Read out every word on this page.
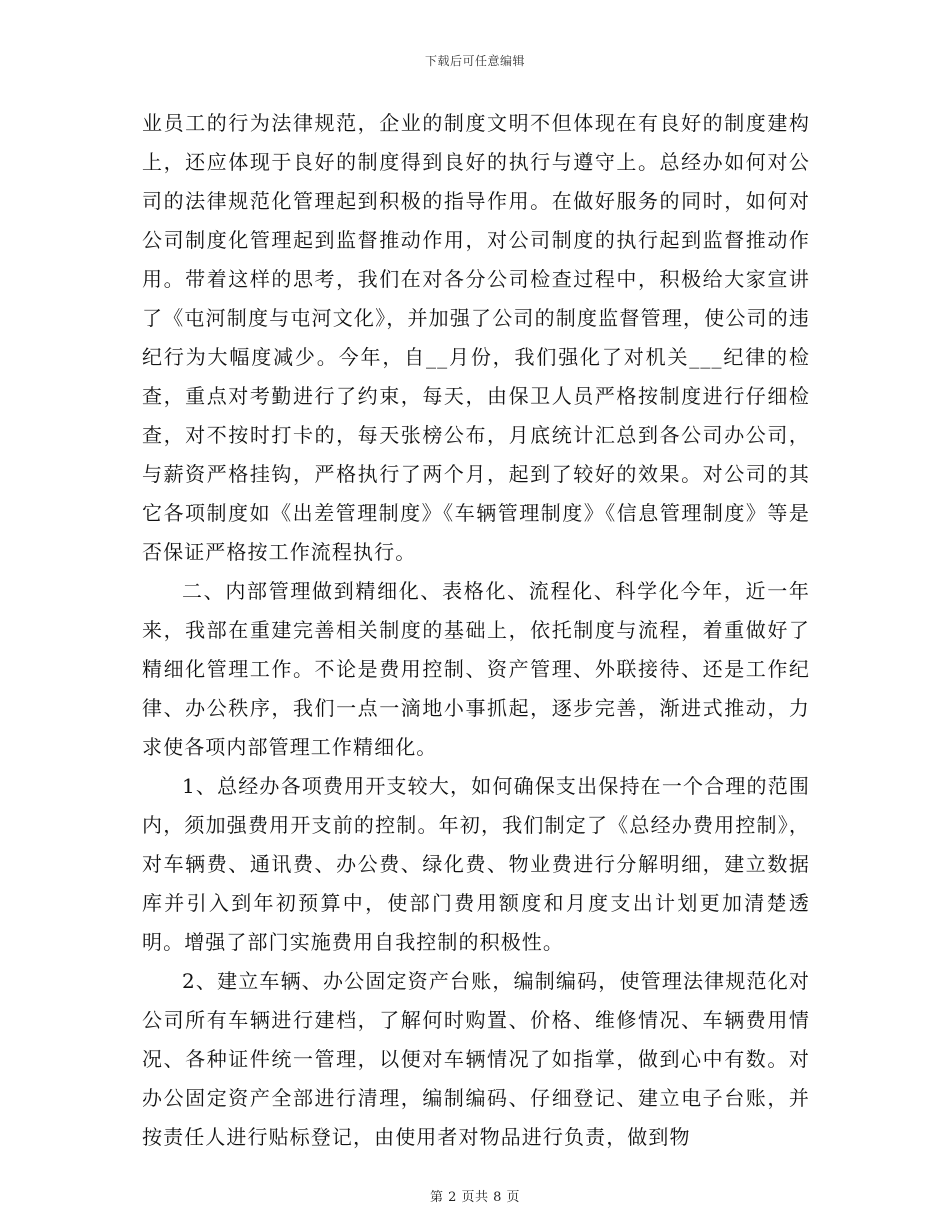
下载后可任意编辑

业员工的行为法律规范，企业的制度文明不但体现在有良好的制度建构上，还应体现于良好的制度得到良好的执行与遵守上。总经办如何对公司的法律规范化管理起到积极的指导作用。在做好服务的同时，如何对公司制度化管理起到监督推动作用，对公司制度的执行起到监督推动作用。带着这样的思考，我们在对各分公司检查过程中，积极给大家宣讲了《屯河制度与屯河文化》，并加强了公司的制度监督管理，使公司的违纪行为大幅度减少。今年，自__月份，我们强化了对机关___纪律的检查，重点对考勤进行了约束，每天，由保卫人员严格按制度进行仔细检查，对不按时打卡的，每天张榜公布，月底统计汇总到各公司办公司，与薪资严格挂钩，严格执行了两个月，起到了较好的效果。对公司的其它各项制度如《出差管理制度》《车辆管理制度》《信息管理制度》等是否保证严格按工作流程执行。

二、内部管理做到精细化、表格化、流程化、科学化今年，近一年来，我部在重建完善相关制度的基础上，依托制度与流程，着重做好了精细化管理工作。不论是费用控制、资产管理、外联接待、还是工作纪律、办公秩序，我们一点一滴地小事抓起，逐步完善，渐进式推动，力求使各项内部管理工作精细化。

1、总经办各项费用开支较大，如何确保支出保持在一个合理的范围内，须加强费用开支前的控制。年初，我们制定了《总经办费用控制》，对车辆费、通讯费、办公费、绿化费、物业费进行分解明细，建立数据库并引入到年初预算中，使部门费用额度和月度支出计划更加清楚透明。增强了部门实施费用自我控制的积极性。

2、建立车辆、办公固定资产台账，编制编码，使管理法律规范化对公司所有车辆进行建档，了解何时购置、价格、维修情况、车辆费用情况、各种证件统一管理，以便对车辆情况了如指掌，做到心中有数。对办公固定资产全部进行清理，编制编码、仔细登记、建立电子台账，并按责任人进行贴标登记，由使用者对物品进行负责，做到物

第 2 页共 8 页
